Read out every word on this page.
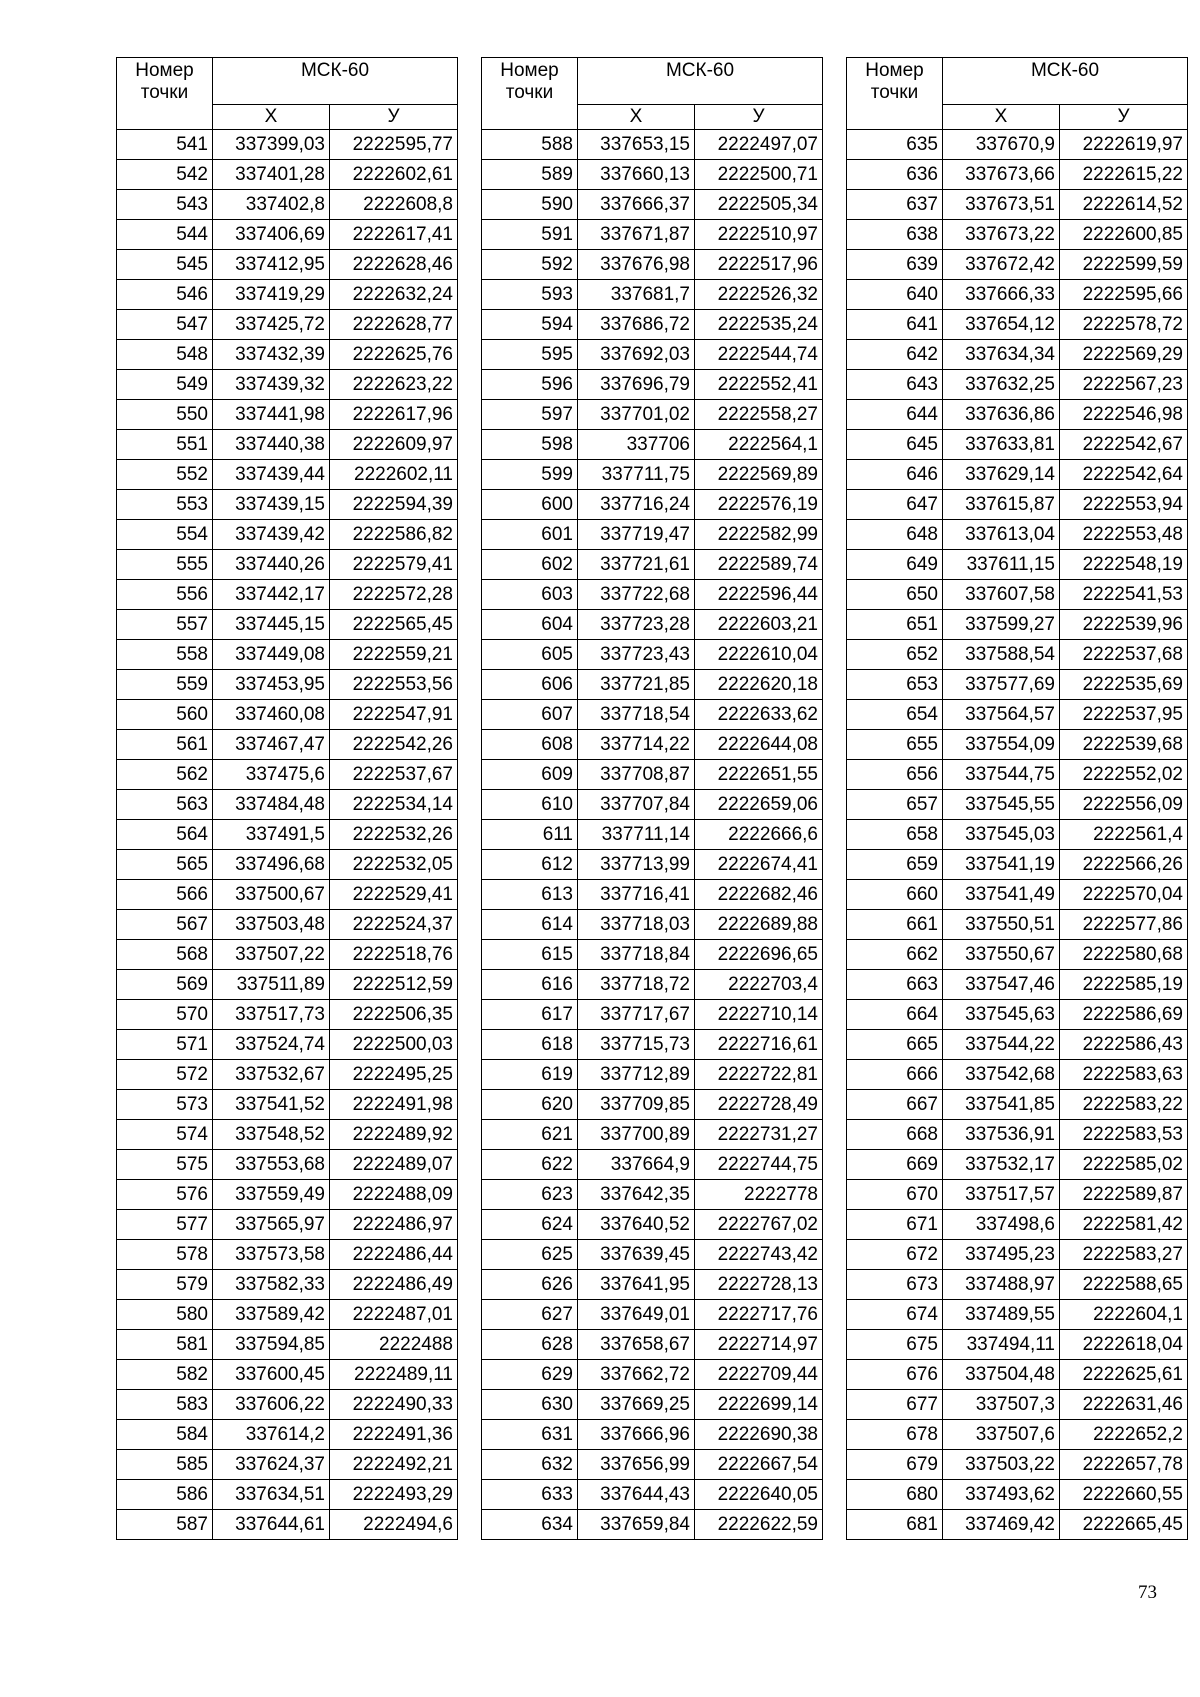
Номер точки	МСК-60	
	X	У
541	337399,03	2222595,77
542	337401,28	2222602,61
543	337402,8	2222608,8
544	337406,69	2222617,41
545	337412,95	2222628,46
546	337419,29	2222632,24
547	337425,72	2222628,77
548	337432,39	2222625,76
549	337439,32	2222623,22
550	337441,98	2222617,96
551	337440,38	2222609,97
552	337439,44	2222602,11
553	337439,15	2222594,39
554	337439,42	2222586,82
555	337440,26	2222579,41
556	337442,17	2222572,28
557	337445,15	2222565,45
558	337449,08	2222559,21
559	337453,95	2222553,56
560	337460,08	2222547,91
561	337467,47	2222542,26
562	337475,6	2222537,67
563	337484,48	2222534,14
564	337491,5	2222532,26
565	337496,68	2222532,05
566	337500,67	2222529,41
567	337503,48	2222524,37
568	337507,22	2222518,76
569	337511,89	2222512,59
570	337517,73	2222506,35
571	337524,74	2222500,03
572	337532,67	2222495,25
573	337541,52	2222491,98
574	337548,52	2222489,92
575	337553,68	2222489,07
576	337559,49	2222488,09
577	337565,97	2222486,97
578	337573,58	2222486,44
579	337582,33	2222486,49
580	337589,42	2222487,01
581	337594,85	2222488
582	337600,45	2222489,11
583	337606,22	2222490,33
584	337614,2	2222491,36
585	337624,37	2222492,21
586	337634,51	2222493,29
587	337644,61	2222494,6
Номер точки	МСК-60	
	X	У
588	337653,15	2222497,07
589	337660,13	2222500,71
590	337666,37	2222505,34
591	337671,87	2222510,97
592	337676,98	2222517,96
593	337681,7	2222526,32
594	337686,72	2222535,24
595	337692,03	2222544,74
596	337696,79	2222552,41
597	337701,02	2222558,27
598	337706	2222564,1
599	337711,75	2222569,89
600	337716,24	2222576,19
601	337719,47	2222582,99
602	337721,61	2222589,74
603	337722,68	2222596,44
604	337723,28	2222603,21
605	337723,43	2222610,04
606	337721,85	2222620,18
607	337718,54	2222633,62
608	337714,22	2222644,08
609	337708,87	2222651,55
610	337707,84	2222659,06
611	337711,14	2222666,6
612	337713,99	2222674,41
613	337716,41	2222682,46
614	337718,03	2222689,88
615	337718,84	2222696,65
616	337718,72	2222703,4
617	337717,67	2222710,14
618	337715,73	2222716,61
619	337712,89	2222722,81
620	337709,85	2222728,49
621	337700,89	2222731,27
622	337664,9	2222744,75
623	337642,35	2222778
624	337640,52	2222767,02
625	337639,45	2222743,42
626	337641,95	2222728,13
627	337649,01	2222717,76
628	337658,67	2222714,97
629	337662,72	2222709,44
630	337669,25	2222699,14
631	337666,96	2222690,38
632	337656,99	2222667,54
633	337644,43	2222640,05
634	337659,84	2222622,59
Номер точки	МСК-60	
	X	У
635	337670,9	2222619,97
636	337673,66	2222615,22
637	337673,51	2222614,52
638	337673,22	2222600,85
639	337672,42	2222599,59
640	337666,33	2222595,66
641	337654,12	2222578,72
642	337634,34	2222569,29
643	337632,25	2222567,23
644	337636,86	2222546,98
645	337633,81	2222542,67
646	337629,14	2222542,64
647	337615,87	2222553,94
648	337613,04	2222553,48
649	337611,15	2222548,19
650	337607,58	2222541,53
651	337599,27	2222539,96
652	337588,54	2222537,68
653	337577,69	2222535,69
654	337564,57	2222537,95
655	337554,09	2222539,68
656	337544,75	2222552,02
657	337545,55	2222556,09
658	337545,03	2222561,4
659	337541,19	2222566,26
660	337541,49	2222570,04
661	337550,51	2222577,86
662	337550,67	2222580,68
663	337547,46	2222585,19
664	337545,63	2222586,69
665	337544,22	2222586,43
666	337542,68	2222583,63
667	337541,85	2222583,22
668	337536,91	2222583,53
669	337532,17	2222585,02
670	337517,57	2222589,87
671	337498,6	2222581,42
672	337495,23	2222583,27
673	337488,97	2222588,65
674	337489,55	2222604,1
675	337494,11	2222618,04
676	337504,48	2222625,61
677	337507,3	2222631,46
678	337507,6	2222652,2
679	337503,22	2222657,78
680	337493,62	2222660,55
681	337469,42	2222665,45
73
